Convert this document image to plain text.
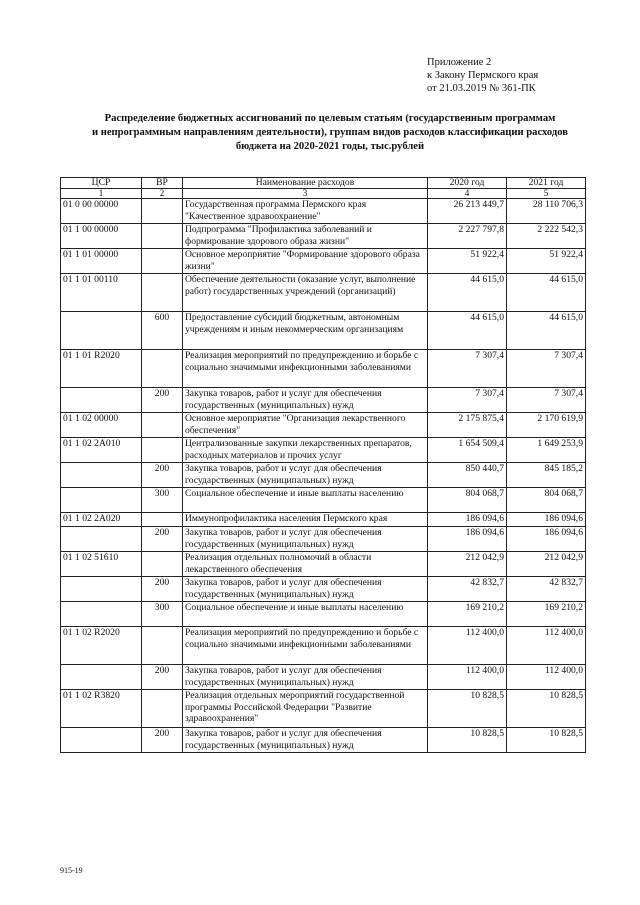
Приложение 2
к Закону Пермского края
от 21.03.2019 № 361-ПК
Распределение бюджетных ассигнований по целевым статьям (государственным программам
и непрограммным направлениям деятельности), группам видов расходов классификации расходов
бюджета на 2020-2021 годы, тыс.рублей
ЦСР	ВР	Наименование расходов	2020 год	2021 год
1	2	3	4	5
01 0 00 00000		Государственная программа Пермского края "Качественное здравоохранение"	26 213 449,7	28 110 706,3
01 1 00 00000		Подпрограмма "Профилактика заболеваний и формирование здорового образа жизни"	2 227 797,8	2 222 542,3
01 1 01 00000		Основное мероприятие "Формирование здорового образа жизни"	51 922,4	51 922,4
01 1 01 00110		Обеспечение деятельности (оказание услуг, выполнение работ) государственных учреждений (организаций)	44 615,0	44 615,0
	600	Предоставление субсидий бюджетным, автономным учреждениям и иным некоммерческим организациям	44 615,0	44 615,0
01 1 01 R2020		Реализация мероприятий по предупреждению и борьбе с социально значимыми инфекционными заболеваниями	7 307,4	7 307,4
	200	Закупка товаров, работ и услуг для обеспечения государственных (муниципальных) нужд	7 307,4	7 307,4
01 1 02 00000		Основное мероприятие "Организация лекарственного обеспечения"	2 175 875,4	2 170 619,9
01 1 02 2А010		Централизованные закупки лекарственных препаратов, расходных материалов и прочих услуг	1 654 509,4	1 649 253,9
	200	Закупка товаров, работ и услуг для обеспечения государственных (муниципальных) нужд	850 440,7	845 185,2
	300	Социальное обеспечение и иные выплаты населению	804 068,7	804 068,7
01 1 02 2А020		Иммунопрофилактика населения Пермского края	186 094,6	186 094,6
	200	Закупка товаров, работ и услуг для обеспечения государственных (муниципальных) нужд	186 094,6	186 094,6
01 1 02 51610		Реализация отдельных полномочий в области лекарственного обеспечения	212 042,9	212 042,9
	200	Закупка товаров, работ и услуг для обеспечения государственных (муниципальных) нужд	42 832,7	42 832,7
	300	Социальное обеспечение и иные выплаты населению	169 210,2	169 210,2
01 1 02 R2020		Реализация мероприятий по предупреждению и борьбе с социально значимыми инфекционными заболеваниями	112 400,0	112 400,0
	200	Закупка товаров, работ и услуг для обеспечения государственных (муниципальных) нужд	112 400,0	112 400,0
01 1 02 R3820		Реализация отдельных мероприятий государственной программы Российской Федерации "Развитие здравоохранения"	10 828,5	10 828,5
	200	Закупка товаров, работ и услуг для обеспечения государственных (муниципальных) нужд	10 828,5	10 828,5
915-19
